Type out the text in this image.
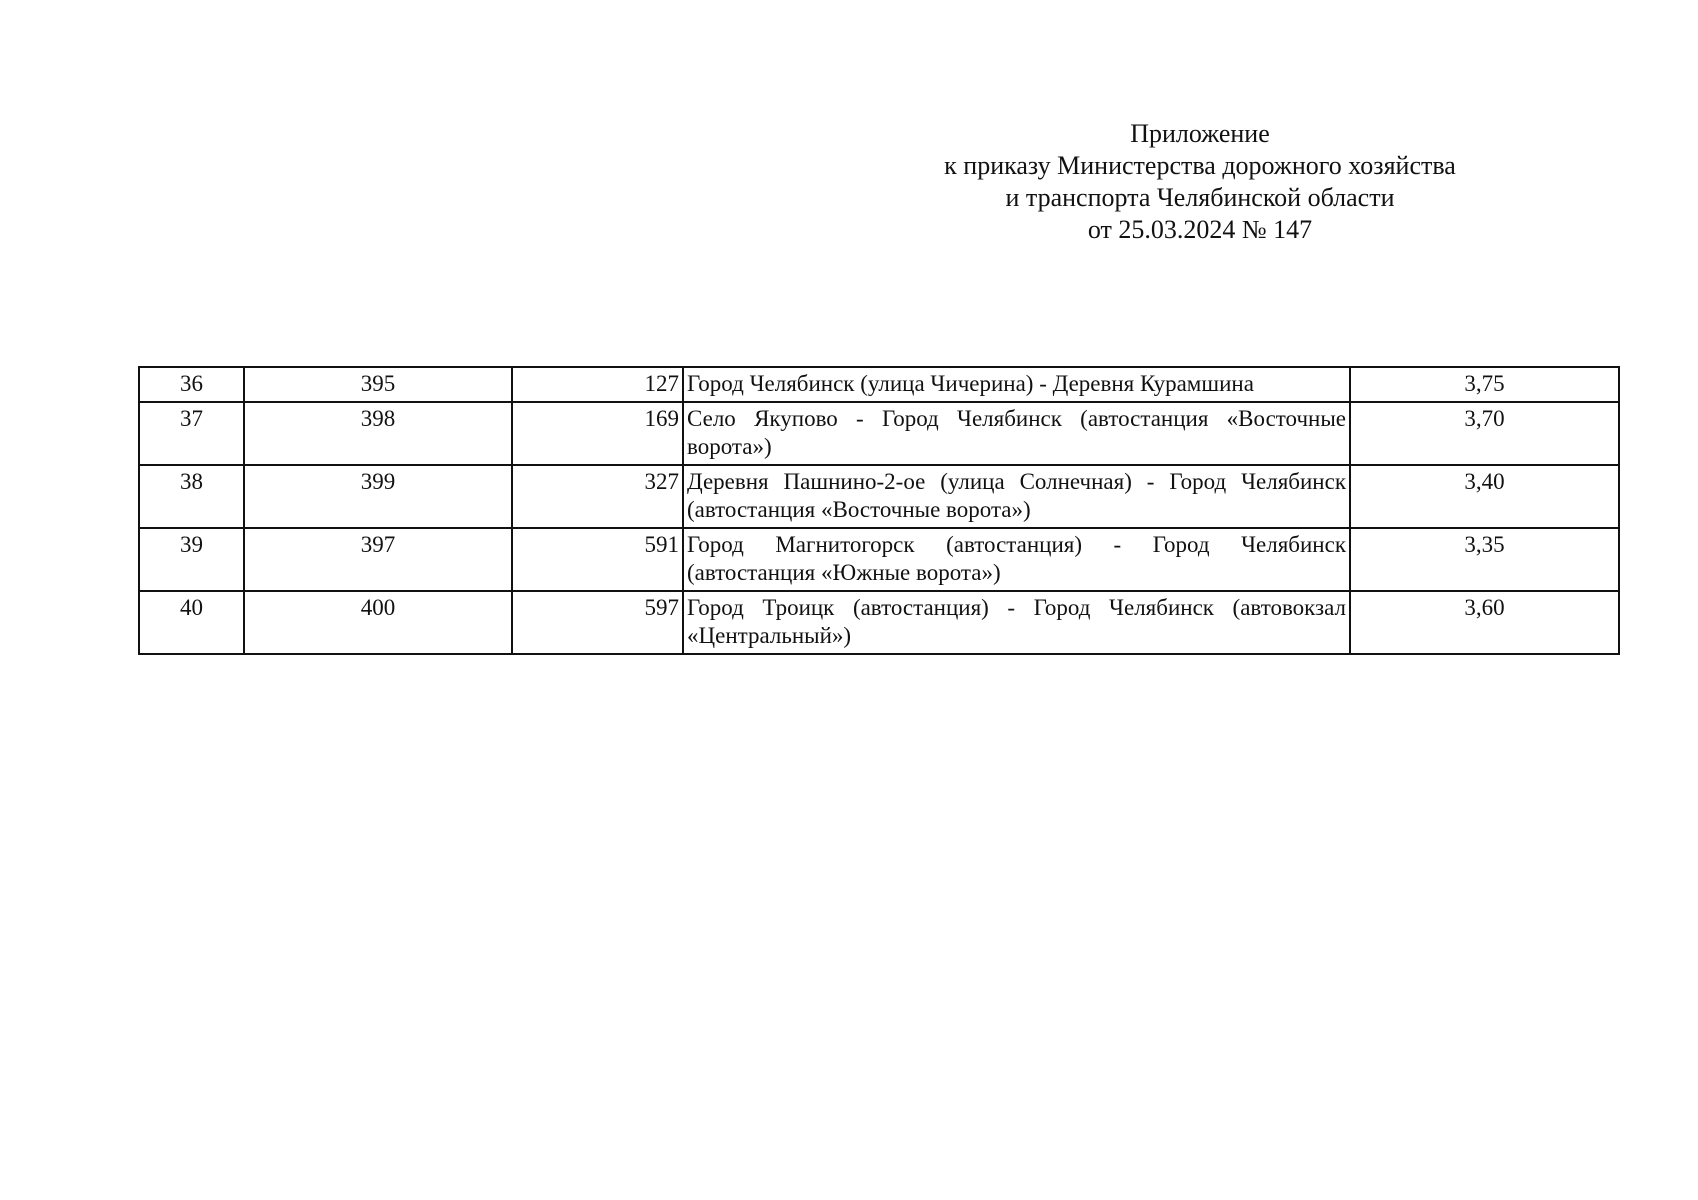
Приложение
к приказу Министерства дорожного хозяйства
и транспорта Челябинской области
от 25.03.2024 № 147
36	395	127	Город Челябинск (улица Чичерина) - Деревня Курамшина	3,75
37	398	169	Село Якупово - Город Челябинск (автостанция «Восточные ворота»)	3,70
38	399	327	Деревня Пашнино-2-ое (улица Солнечная) - Город Челябинск (автостанция «Восточные ворота»)	3,40
39	397	591	Город Магнитогорск (автостанция) - Город Челябинск (автостанция «Южные ворота»)	3,35
40	400	597	Город Троицк (автостанция) - Город Челябинск (автовокзал «Центральный»)	3,60
